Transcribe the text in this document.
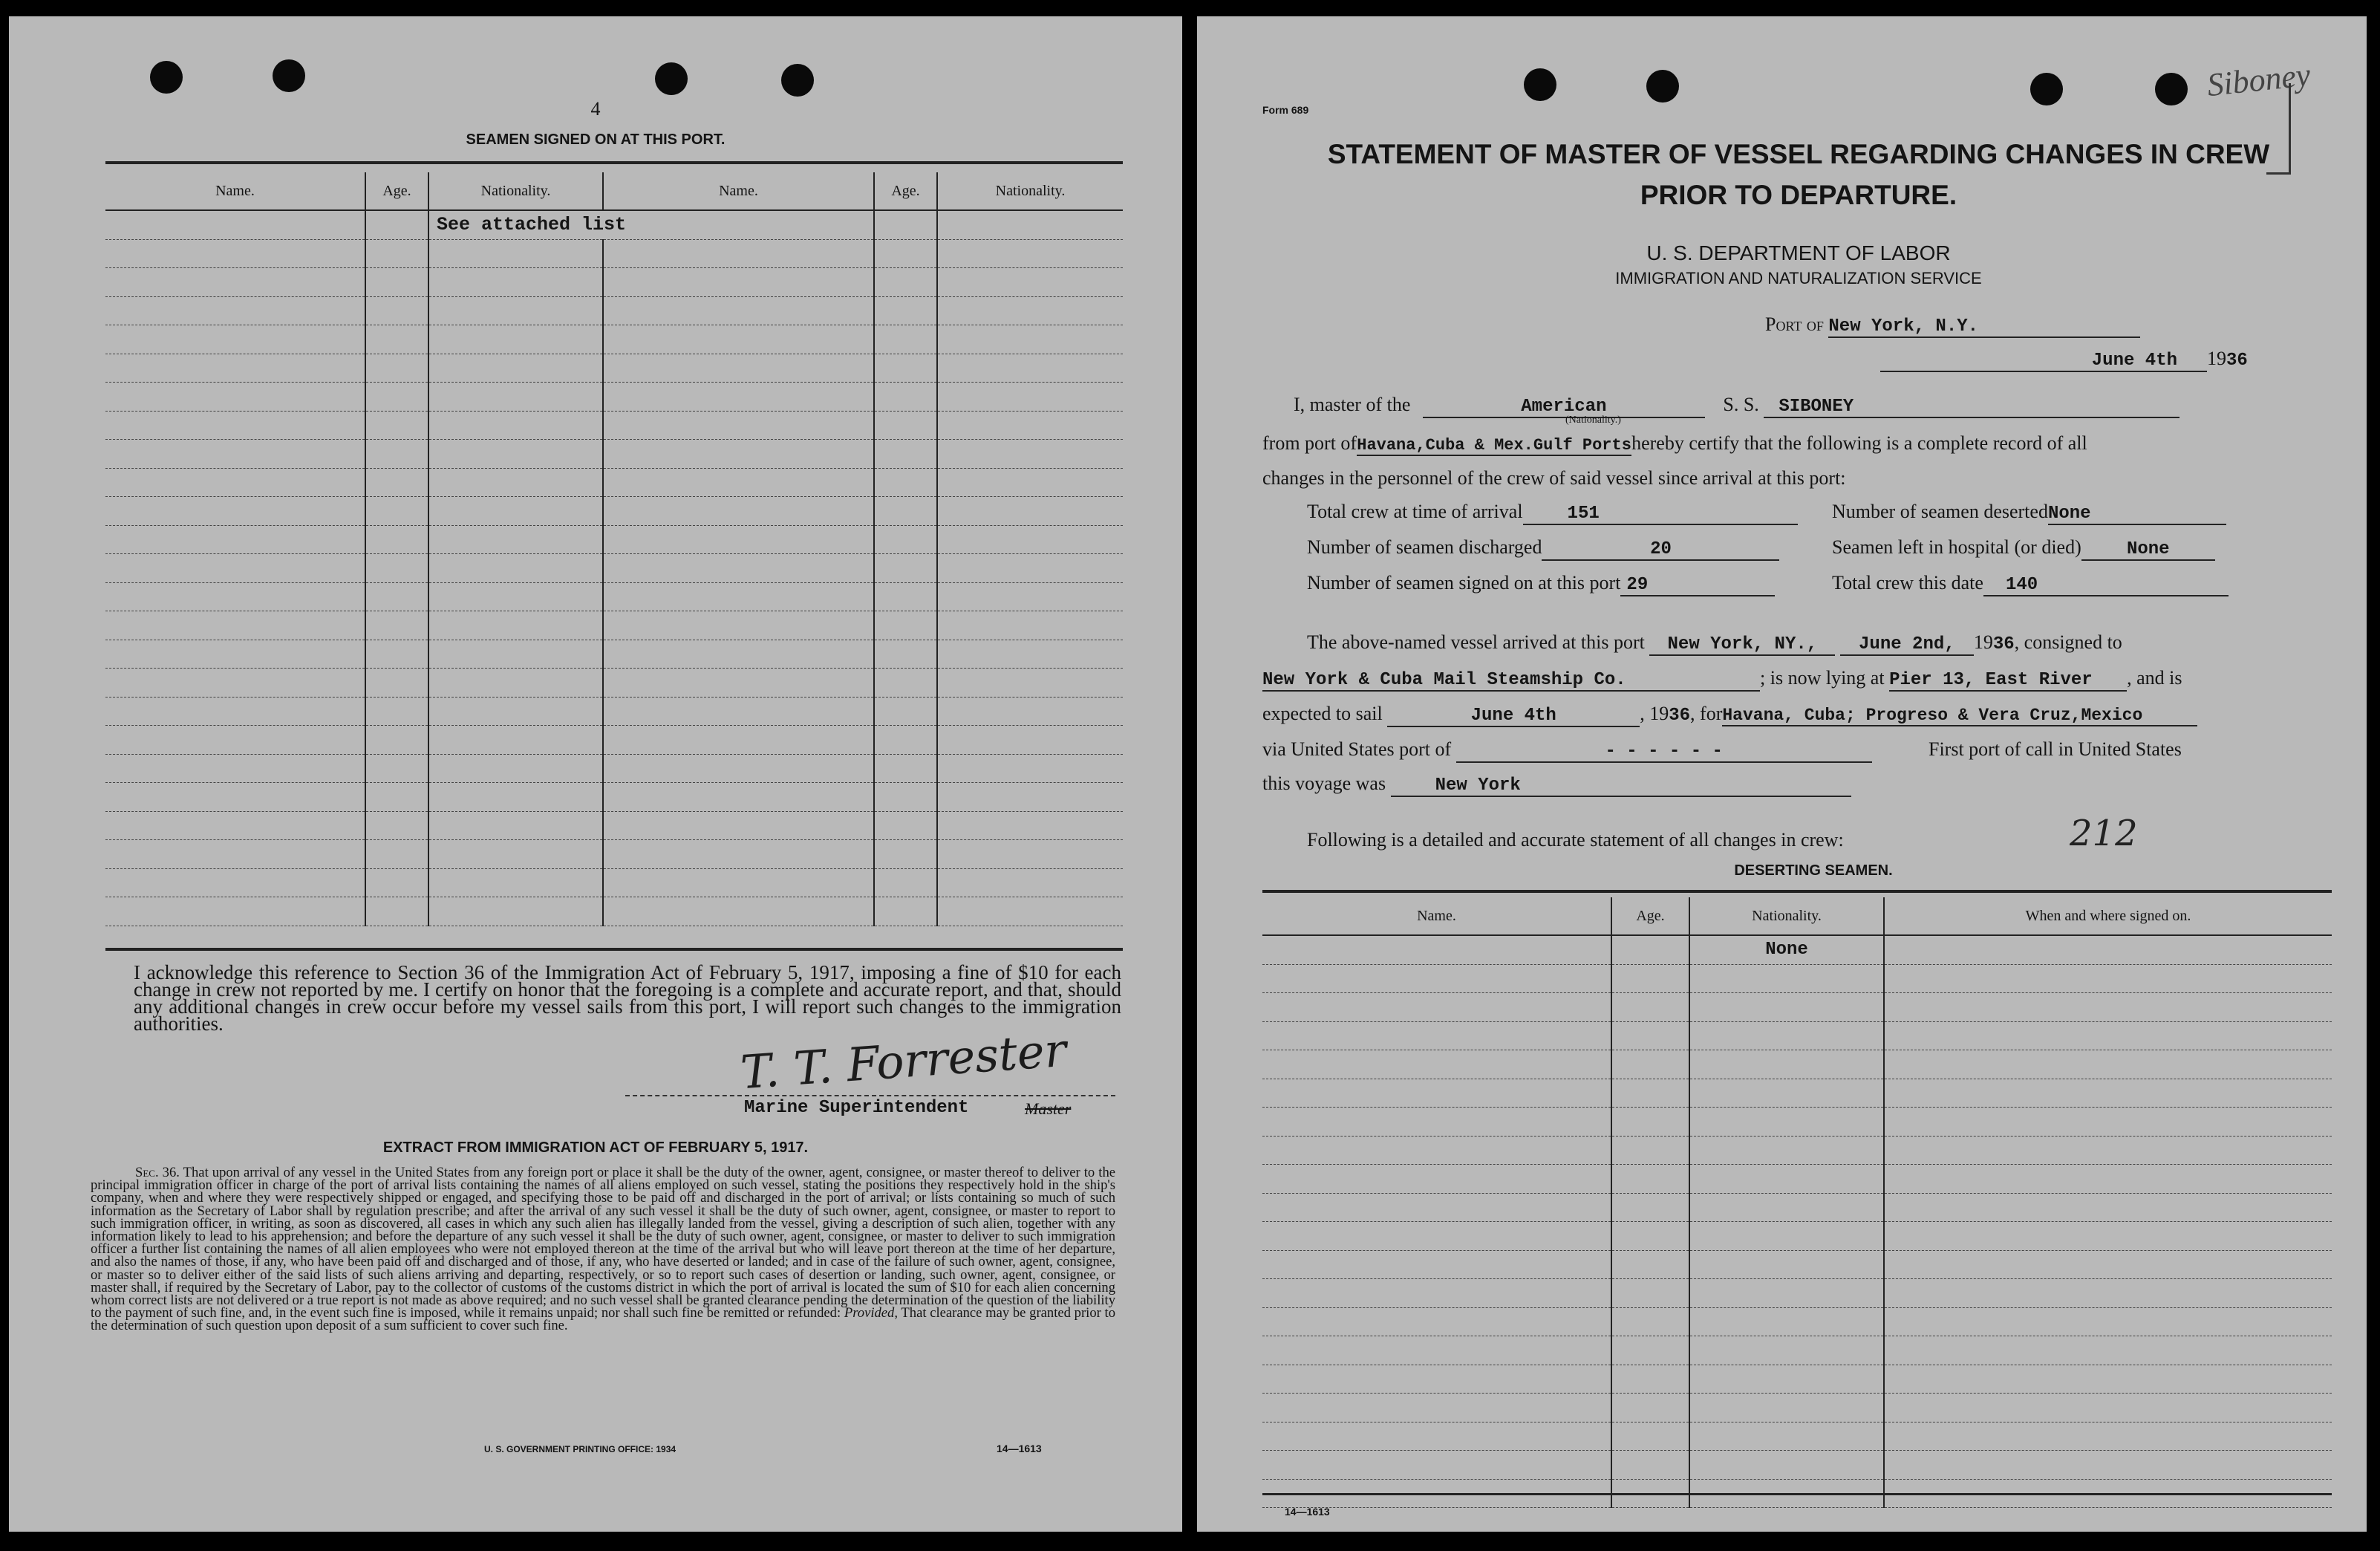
4
SEAMEN SIGNED ON AT THIS PORT.
Name.	Age.	Nationality.	Name.	Age.	Nationality.
		See attached list			

I acknowledge this reference to Section 36 of the Immigration Act of February 5, 1917, imposing a fine of $10 for each change in crew not reported by me. I certify on honor that the foregoing is a complete and accurate report, and that, should any additional changes in crew occur before my vessel sails from this port, I will report such changes to the immigration authorities.	T. T. Forrester
Marine Superintendent	Master
EXTRACT FROM IMMIGRATION ACT OF FEBRUARY 5, 1917.
Sec. 36. That upon arrival of any vessel in the United States from any foreign port or place it shall be the duty of the owner, agent, consignee, or master thereof to deliver to the principal immigration officer in charge of the port of arrival lists containing the names of all aliens employed on such vessel, stating the positions they respectively hold in the ship's company, when and where they were respectively shipped or engaged, and specifying those to be paid off and discharged in the port of arrival; or lists containing so much of such information as the Secretary of Labor shall by regulation prescribe; and after the arrival of any such vessel it shall be the duty of such owner, agent, consignee, or master to report to such immigration officer, in writing, as soon as discovered, all cases in which any such alien has illegally landed from the vessel, giving a description of such alien, together with any information likely to lead to his apprehension; and before the departure of any such vessel it shall be the duty of such owner, agent, consignee, or master to deliver to such immigration officer a further list containing the names of all alien employees who were not employed thereon at the time of the arrival but who will leave port thereon at the time of her departure, and also the names of those, if any, who have been paid off and discharged and of those, if any, who have deserted or landed; and in case of the failure of such owner, agent, consignee, or master so to deliver either of the said lists of such aliens arriving and departing, respectively, or so to report such cases of desertion or landing, such owner, agent, consignee, or master shall, if required by the Secretary of Labor, pay to the collector of customs of the customs district in which the port of arrival is located the sum of $10 for each alien concerning whom correct lists are not delivered or a true report is not made as above required; and no such vessel shall be granted clearance pending the determination of the question of the liability to the payment of such fine, and, in the event such fine is imposed, while it remains unpaid; nor shall such fine be remitted or refunded: Provided, That clearance may be granted prior to the determination of such question upon deposit of a sum sufficient to cover such fine.
U. S. GOVERNMENT PRINTING OFFICE: 1934	14—1613
Form 689
Siboney
STATEMENT OF MASTER OF VESSEL REGARDING CHANGES IN CREW
PRIOR TO DEPARTURE.
U. S. DEPARTMENT OF LABOR
IMMIGRATION AND NATURALIZATION SERVICE
Port of New York, N.Y.
June 4th 1936
I, master of the	American	S. S. SIBONEY
(Nationality.)
from port ofHavana,Cuba & Mex.Gulf Portshereby certify that the following is a complete record of all
changes in the personnel of the crew of said vessel since arrival at this port:
Total crew at time of arrival	151	Number of seamen desertedNone
Number of seamen discharged	20	Seamen left in hospital (or died)	None
Number of seamen signed on at this port 29	Total crew this date 140
The above-named vessel arrived at this port New York, NY., June 2nd, 1936, consigned to
New York & Cuba Mail Steamship Co.	; is now lying at Pier 13, East River , and is
expected to sail	June 4th	, 1936, forHavana, Cuba; Progreso & Vera Cruz,Mexico
via United States port of	- - - - - -	First port of call in United States
this voyage was	New York
Following is a detailed and accurate statement of all changes in crew:	212
DESERTING SEAMEN.
Name.	Age.	Nationality.	When and where signed on.
		None	

14—1613
